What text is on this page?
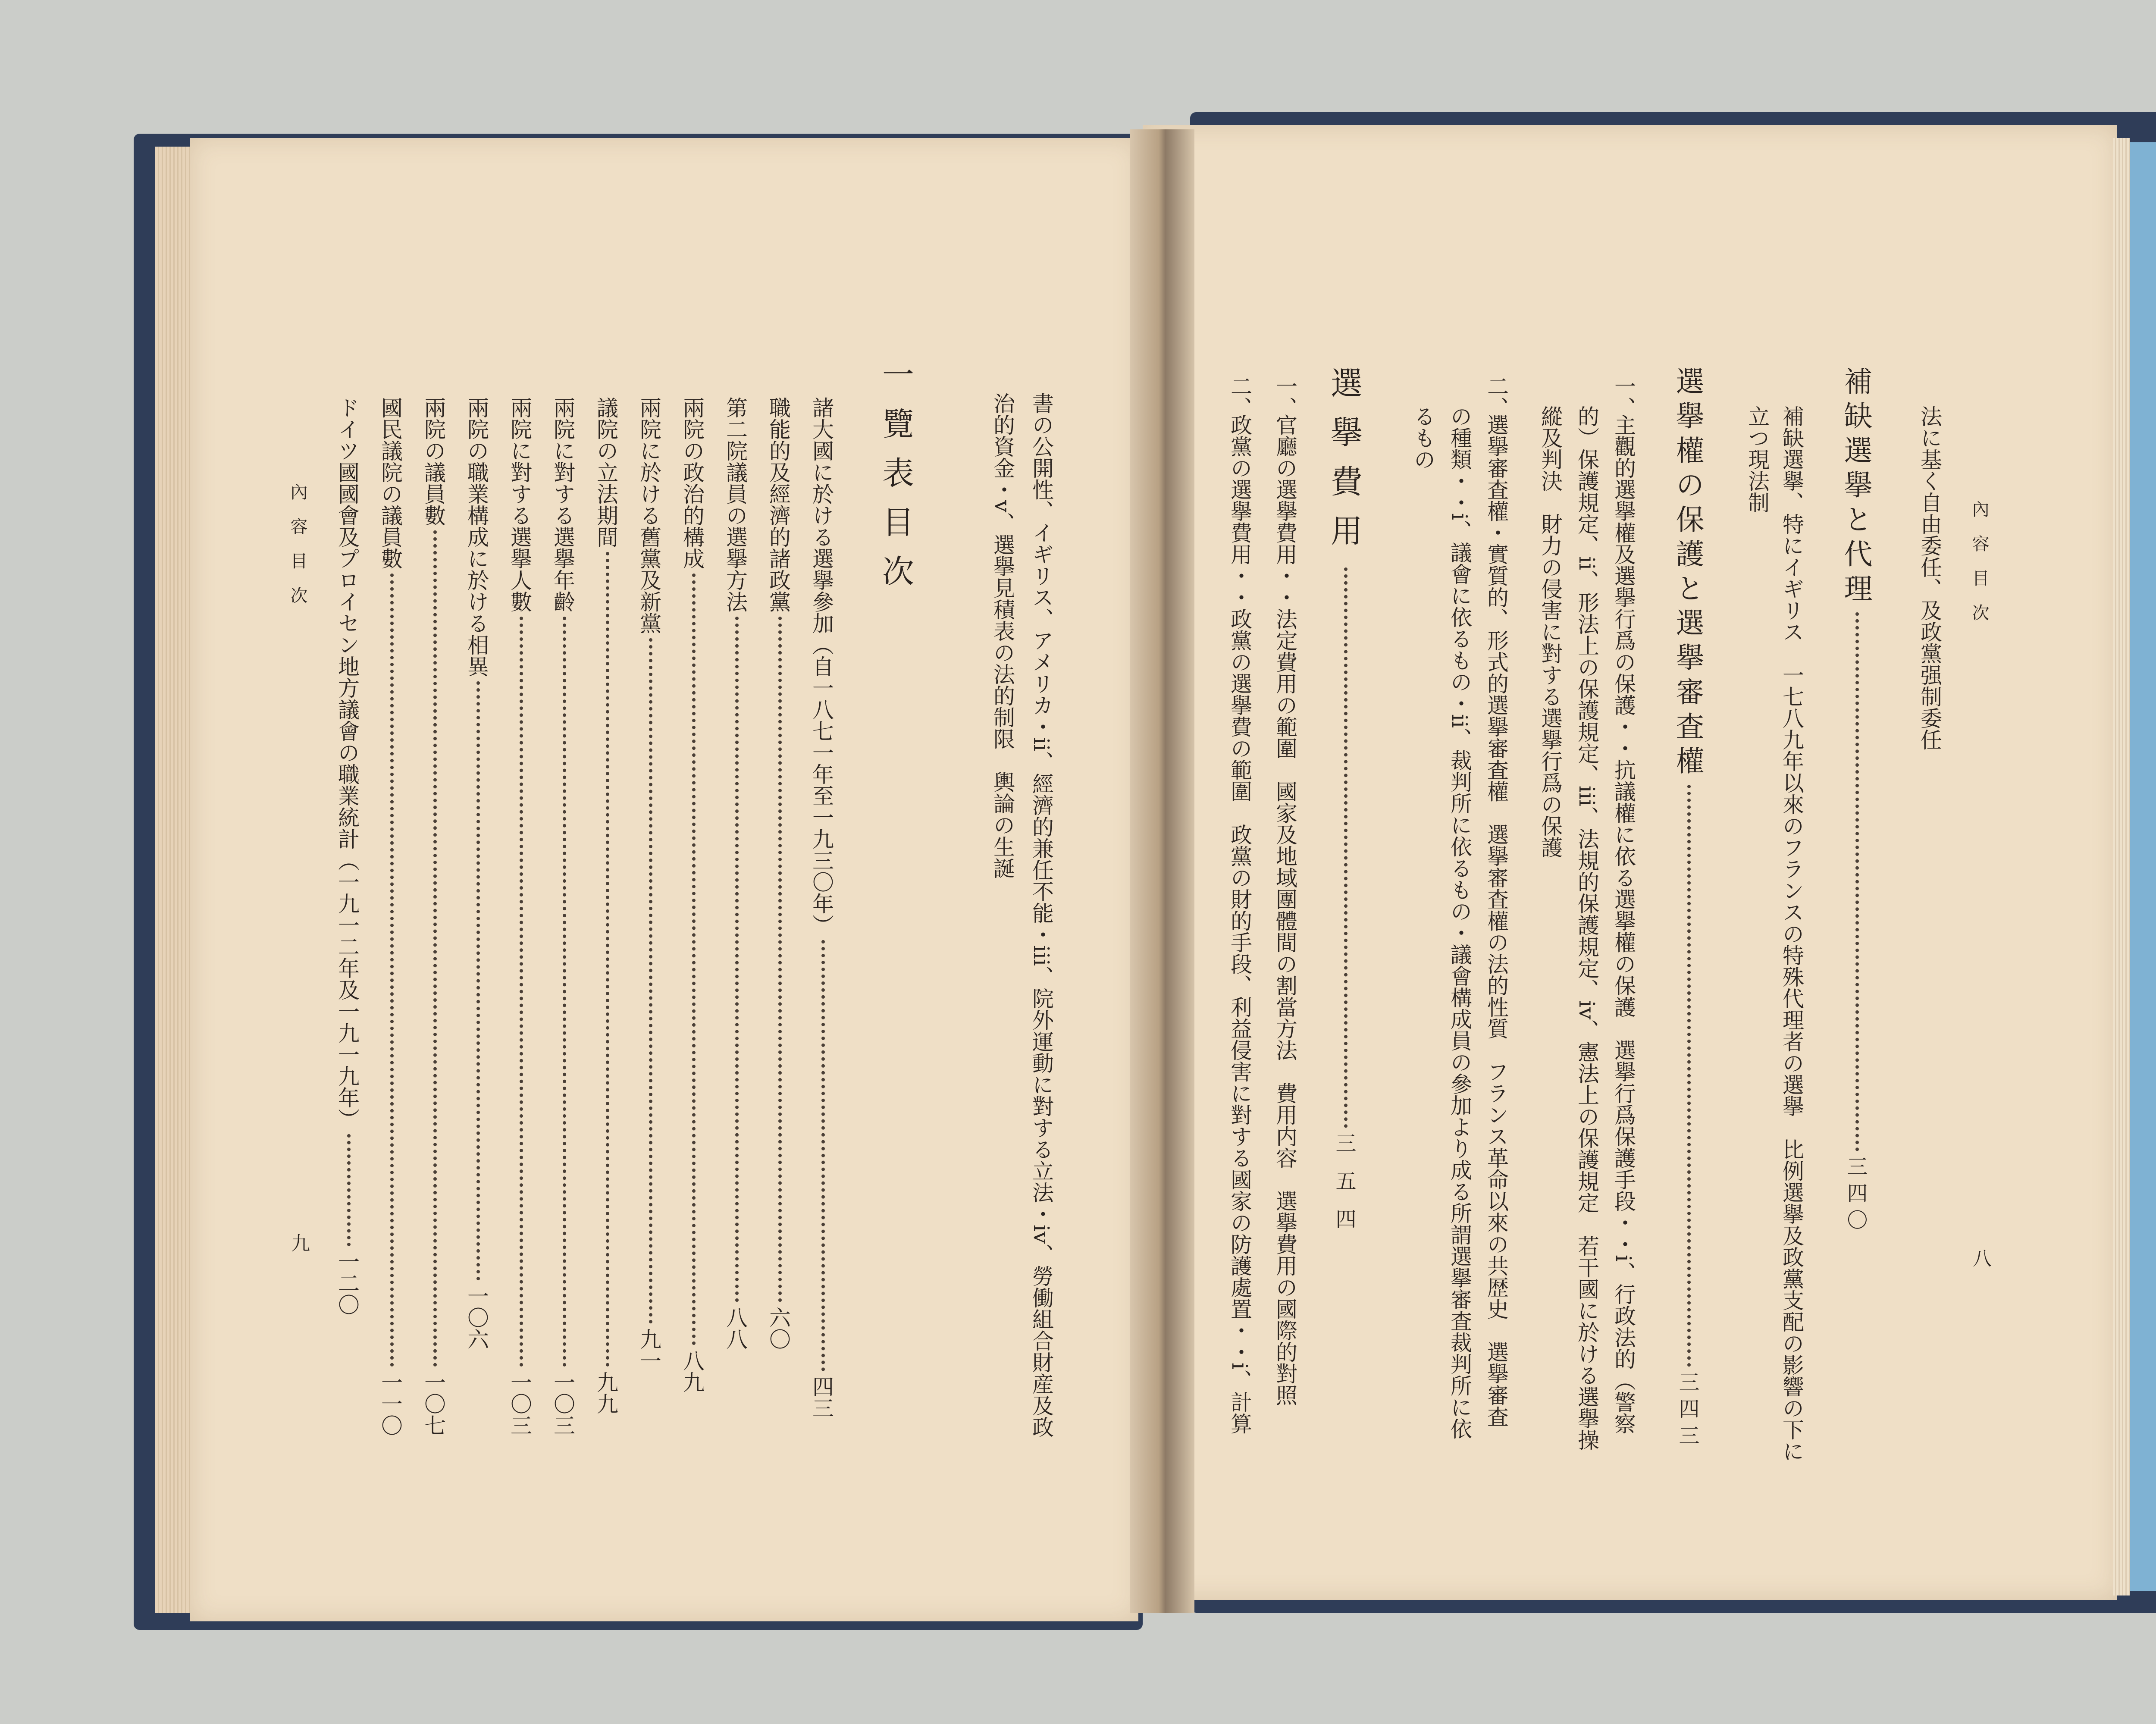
內容目次
八
法に基く自由委任、及政黨强制委任
補缺選擧と代理三四〇
補缺選擧、特にイギリス　一七八九年以來のフランスの特殊代理者の選擧　比例選擧及政黨支配の影響の下に
立つ現法制
選擧權の保護と選擧審査權三四三
一、
主觀的選擧權及選擧行爲の保護・・抗議權に依る選擧權の保護　選擧行爲保護手段・・i、行政法的（警察
的）保護規定、ii、形法上の保護規定、iii、法規的保護規定、iv、憲法上の保護規定　若干國に於ける選擧操
縱及判決　財力の侵害に對する選擧行爲の保護
二、
選擧審査權・實質的、形式的選擧審査權　選擧審査權の法的性質　フランス革命以來の共歴史　選擧審査
の種類・・i、議會に依るもの・ii、裁判所に依るもの・議會構成員の參加より成る所謂選擧審査裁判所に依
るもの
選擧費用三五四
一、
官廳の選擧費用・・法定費用の範圍　國家及地域團體間の割當方法　費用内容　選擧費用の國際的對照
二、
政黨の選擧費用・・政黨の選擧費の範圍　政黨の財的手段、利益侵害に對する國家の防護處置・・i、計算
書の公開性、イギリス、アメリカ・ii、經濟的兼任不能・iii、院外運動に對する立法・iv、勞働組合財産及政
治的資金・v、選擧見積表の法的制限　輿論の生誕
一覽表目次
諸大國に於ける選擧參加（自一八七一年至一九三〇年）四三
職能的及經濟的諸政黨六〇
第二院議員の選擧方法八八
兩院の政治的構成八九
兩院に於ける舊黨及新黨九一
議院の立法期間九九
兩院に對する選擧年齡一〇三
兩院に對する選擧人數一〇三
兩院の職業構成に於ける相異一〇六
兩院の議員數一〇七
國民議院の議員數一一〇
ドイツ國國會及プロイセン地方議會の職業統計（一九一二年及一九一九年）一二〇
內容目次
九
